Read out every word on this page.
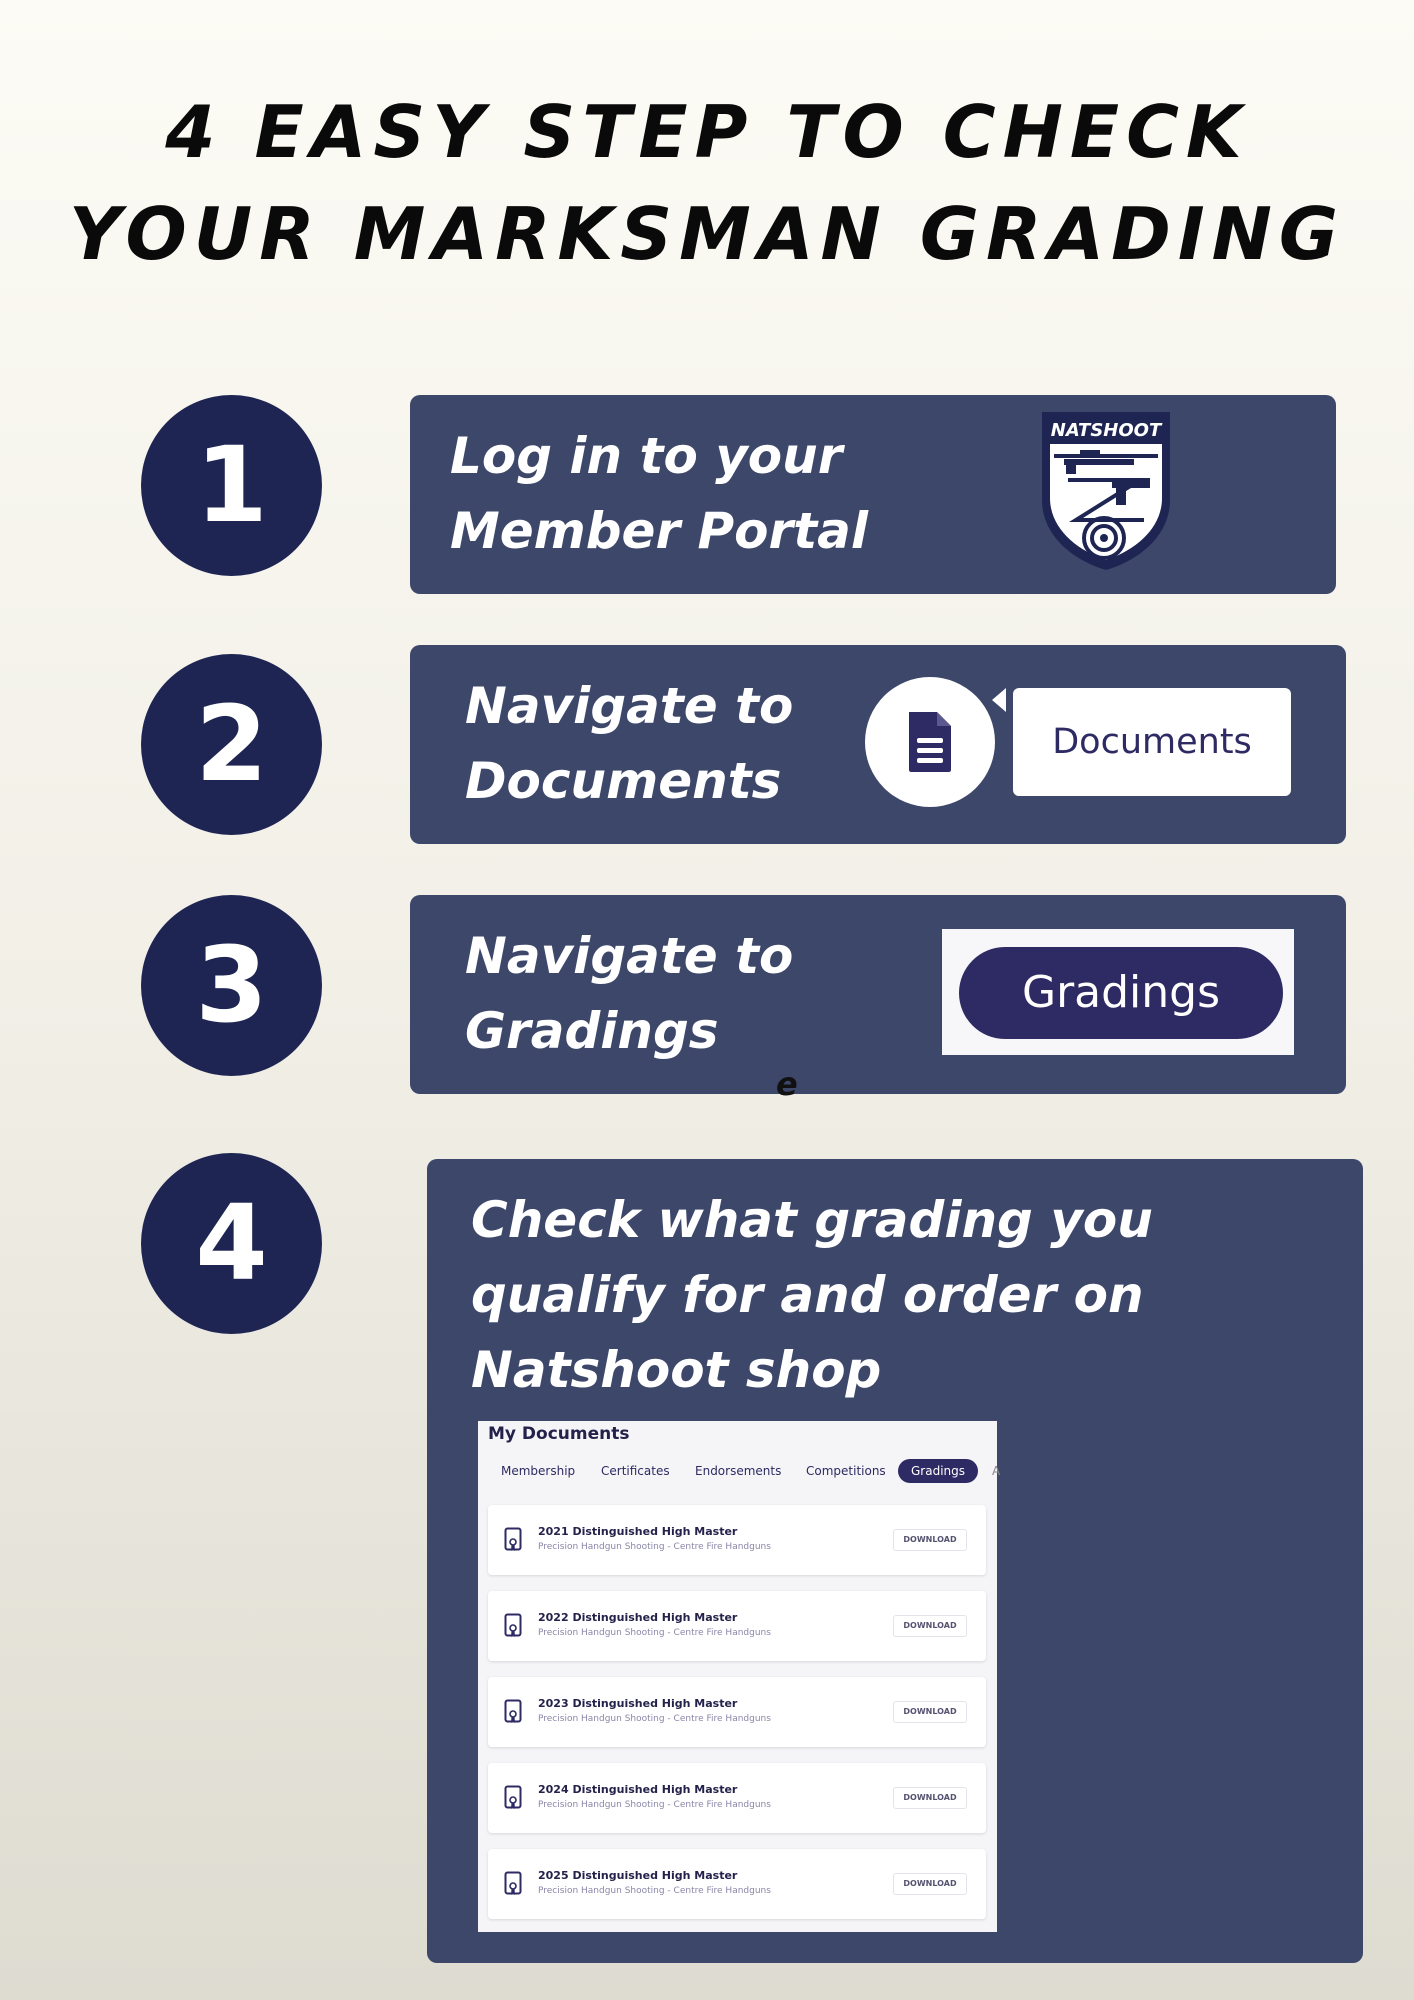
4 EASY STEP TO CHECK
YOUR MARKSMAN GRADING
1	Log in to your
Member Portal
NATSHOOT
2	Navigate to
Documents
Documents
3	Navigate to
Gradings
Gradings
e
4	Check what grading you
qualify for and order on
Natshoot shop
My Documents
Membership Certificates Endorsements Competitions	Gradings	A
2021 Distinguished High Master
Precision Handgun Shooting - Centre Fire Handguns
DOWNLOAD
2022 Distinguished High Master
Precision Handgun Shooting - Centre Fire Handguns
DOWNLOAD
2023 Distinguished High Master
Precision Handgun Shooting - Centre Fire Handguns
DOWNLOAD
2024 Distinguished High Master
Precision Handgun Shooting - Centre Fire Handguns
DOWNLOAD
2025 Distinguished High Master
Precision Handgun Shooting - Centre Fire Handguns
DOWNLOAD
